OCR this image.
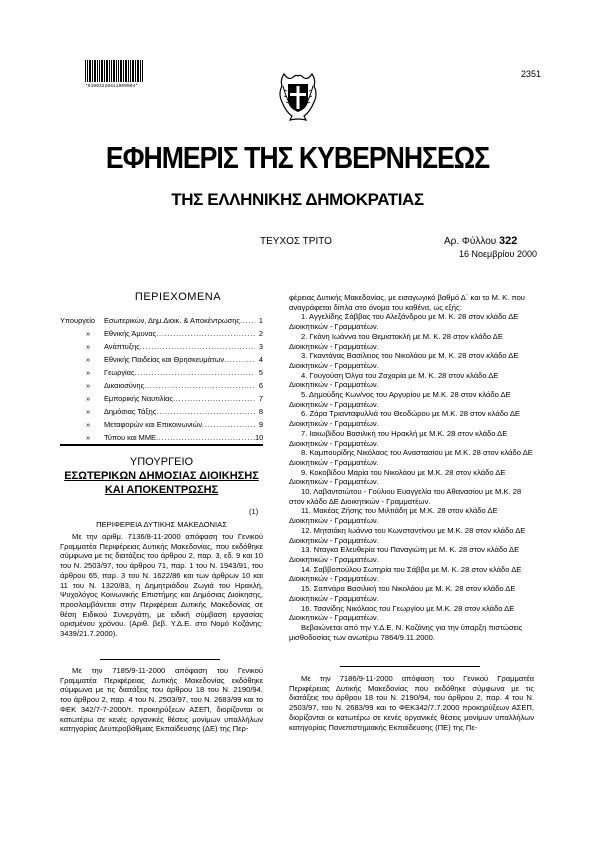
*01003220611000004*
2351
ΕΦΗΜΕΡΙΣ ΤΗΣ ΚΥΒΕΡΝΗΣΕΩΣ
ΤΗΣ ΕΛΛΗΝΙΚΗΣ ΔΗΜΟΚΡΑΤΙΑΣ
ΤΕΥΧΟΣ ΤΡΙΤΟ	Αρ. Φύλλου 322
16 Νοεμβρίου 2000
ΠΕΡΙΕΧΟΜΕΝΑ
Υπουργείο	Εσωτερικών, Δημ.Διοικ. & Αποκέντρωσης .....	1
»	Εθνικής Άμυνας .....	2
»	Ανάπτυξης .....	3
»	Εθνικής Παιδείας και Θρησκευμάτων .....	4
»	Γεωργίας .....	5
»	Δικαιοσύνης .....	6
»	Εμπορικής Ναυτιλίας .....	7
»	Δημόσιας Τάξης .....	8
»	Μεταφορών και Επικοινωνιών .....	9
»	Τύπου και ΜΜΕ .....	10
ΥΠΟΥΡΓΕΙΟ
ΕΣΩΤΕΡΙΚΩΝ ΔΗΜΟΣΙΑΣ ΔΙΟΙΚΗΣΗΣ
ΚΑΙ ΑΠΟΚΕΝΤΡΩΣΗΣ
(1)
ΠΕΡΙΦΕΡΕΙΑ ΔΥΤΙΚΗΣ ΜΑΚΕΔΟΝΙΑΣ
Με την αριθμ. 7136/8-11-2000 απόφαση του Γενικού Γραμματέα Περιφέρειας Δυτικής Μακεδονίας, που εκδόθηκε σύμφωνα με τις διατάξεις του άρθρου 2, παρ. 3, εδ. 9 και 10 του Ν. 2503/97, του άρθρου 71, παρ. 1 του Ν. 1943/91, του άρθρου 65, παρ. 3 του Ν. 1622/86 και των άρθρων 10 και 11 του Ν. 1320/83, η Δημητριάδου Ζωγιά του Ηρακλή, Ψυχολόγος Κοινωνικής Επιστήμης και Δημόσιας Διοίκησης, προσλαμβάνεται στην Περιφέρεια Δυτικής Μακεδονίας σε θέση Ειδικού Συνεργάτη, με ειδική σύμβαση εργασίας ορισμένου χρόνου. (Αριθ. βεβ. Υ.Δ.Ε. στο Νομό Κοζάνης: 3439/21.7.2000).
Με την 7185/9-11-2000 απόφαση του Γενικού Γραμματέα Περιφέρειας Δυτικής Μακεδονίας εκδόθηκε σύμφωνα με τις διατάξεις του άρθρου 18 του Ν. 2190/94, του άρθρου 2, παρ. 4 του Ν. 2503/97, του Ν. 2683/99 και το ΦΕΚ 342/7-7-2000/τ. προκηρύξεων ΑΣΕΠ, διορίζονται οι κατωτέρω σε κενές οργανικές θέσεις μονίμων υπαλλήλων κατηγορίας Δευτεροβάθμιας Εκπαίδευσης (ΔΕ) της Περ-

φέρειας Δυτικής Μακεδονίας, με εισαγωγικό βαθμό Δ΄ και το Μ. Κ. που αναγράφεται δίπλα στο όνομα του καθένα, ως εξής:

1. Αγγελίδης Σάββας του Αλεξάνδρου με Μ. Κ. 28 στον κλάδο ΔΕ Διοικητικών - Γραμματέων.

2. Γκάνη Ιωάννα του Θεμιστοκλή με Μ. Κ. 28 στον κλάδο ΔΕ Διοικητικών - Γραμματέων.

3. Γκαντάνας Βασίλειος του Νικολάου με Μ. Κ. 28 στον κλάδο ΔΕ Διοικητικών - Γραμματέων.

4. Γουγούση Όλγα του Ζαχαρία με Μ. Κ. 28 στον κλάδο ΔΕ Διοικητικών - Γραμματέων.

5. Δημούδης Κων/νος του Αργυρίου με Μ.Κ. 28 στον κλάδο ΔΕ Διοικητικών - Γραμματέων.

6. Ζάρα Τριανταφυλλιά του Θεοδώρου με Μ.Κ. 28 στον κλάδο ΔΕ Διοικητικών - Γραμματέων.

7. Ιακωβίδου Βασιλική του Ηρακλή με Μ.Κ. 28 στον κλάδο ΔΕ Διοικητικών - Γραμματέων.

8. Καμπουρίδης Νικόλαος του Αναστασίου με Μ.Κ. 28 στον κλάδο ΔΕ Διοικητικών - Γραμματέων.

9. Κοκοβίδου Μαρία του Νικολάου με Μ.Κ. 28 στον κλάδο ΔΕ Διοικητικών - Γραμματέων.

10. Λαβαντσιώτου - Γούλιου Ευαγγελία του Αθανασίου με Μ.Κ. 28 στον κλάδο ΔΕ Διοικητικών - Γραμματέων.

11. Μακέας Ζήσης του Μιλτιάδη με Μ.Κ. 28 στον κλάδο ΔΕ Διοικητικών - Γραμματέων.

12. Μητσιάκη Ιωάννα του Κωνσταντίνου με Μ.Κ. 28 στον κλάδο ΔΕ Διοικητικών - Γραμματέων.

13. Νταγκα Ελευθερία του Παναγιώτη με Μ. Κ. 28 στον κλάδο ΔΕ Διοικητικών - Γραμματέων.

14. Σαββοπούλου Σωτηρία του Σάββα με Μ. Κ. 28 στον κλάδο ΔΕ Διοικητικών - Γραμματέων.

15. Σαπνάρα Βασιλική του Νικολάου με Μ. Κ. 28 στον κλάδο ΔΕ Διοικητικών - Γραμματέων.

16. Τσανίδης Νικόλαος του Γεωργίου με Μ.Κ. 28 στον κλάδο ΔΕ Διοικητικών - Γραμματέων.

Βεβαιώνεται από την Υ.Δ.Ε. Ν. Κοζάνης για την ύπαρξη πιστώσεις μισθοδοσίας των ανωτέρω 7864/9.11.2000.

Με την 7186/9-11-2000 απόφαση του Γενικού Γραμματέα Περιφέρειας Δυτικής Μακεδονίας που εκδόθηκε σύμφωνα με τις διατάξεις του άρθρου 18 του Ν. 2190/94, του άρθρου 2, παρ. 4 του Ν. 2503/97, του Ν. 2683/99 και το ΦΕΚ342/7.7.2000 προκηρύξεων ΑΣΕΠ, διορίζονται οι κατωτέρω σε κενές οργανικές θέσεις μονίμων υπαλλήλων κατηγορίας Πανεπιστημιακής Εκπαίδευσης (ΠΕ) της Πε-
